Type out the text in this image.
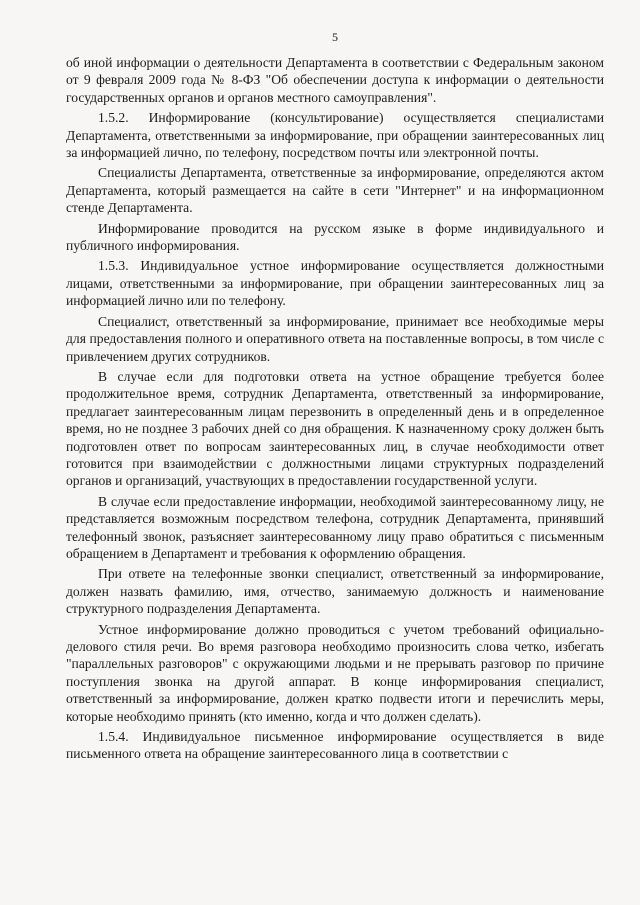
5

об иной информации о деятельности Департамента в соответствии с Федеральным законом от 9 февраля 2009 года № 8-ФЗ "Об обеспечении доступа к информации о деятельности государственных органов и органов местного самоуправления".

1.5.2. Информирование (консультирование) осуществляется специалистами Департамента, ответственными за информирование, при обращении заинтересованных лиц за информацией лично, по телефону, посредством почты или электронной почты.

Специалисты Департамента, ответственные за информирование, определяются актом Департамента, который размещается на сайте в сети "Интернет" и на информационном стенде Департамента.

Информирование проводится на русском языке в форме индивидуального и публичного информирования.

1.5.3. Индивидуальное устное информирование осуществляется должностными лицами, ответственными за информирование, при обращении заинтересованных лиц за информацией лично или по телефону.

Специалист, ответственный за информирование, принимает все необходимые меры для предоставления полного и оперативного ответа на поставленные вопросы, в том числе с привлечением других сотрудников.

В случае если для подготовки ответа на устное обращение требуется более продолжительное время, сотрудник Департамента, ответственный за информирование, предлагает заинтересованным лицам перезвонить в определенный день и в определенное время, но не позднее 3 рабочих дней со дня обращения. К назначенному сроку должен быть подготовлен ответ по вопросам заинтересованных лиц, в случае необходимости ответ готовится при взаимодействии с должностными лицами структурных подразделений органов и организаций, участвующих в предоставлении государственной услуги.

В случае если предоставление информации, необходимой заинтересованному лицу, не представляется возможным посредством телефона, сотрудник Департамента, принявший телефонный звонок, разъясняет заинтересованному лицу право обратиться с письменным обращением в Департамент и требования к оформлению обращения.

При ответе на телефонные звонки специалист, ответственный за информирование, должен назвать фамилию, имя, отчество, занимаемую должность и наименование структурного подразделения Департамента.

Устное информирование должно проводиться с учетом требований официально-делового стиля речи. Во время разговора необходимо произносить слова четко, избегать "параллельных разговоров" с окружающими людьми и не прерывать разговор по причине поступления звонка на другой аппарат. В конце информирования специалист, ответственный за информирование, должен кратко подвести итоги и перечислить меры, которые необходимо принять (кто именно, когда и что должен сделать).

1.5.4. Индивидуальное письменное информирование осуществляется в виде письменного ответа на обращение заинтересованного лица в соответствии с
